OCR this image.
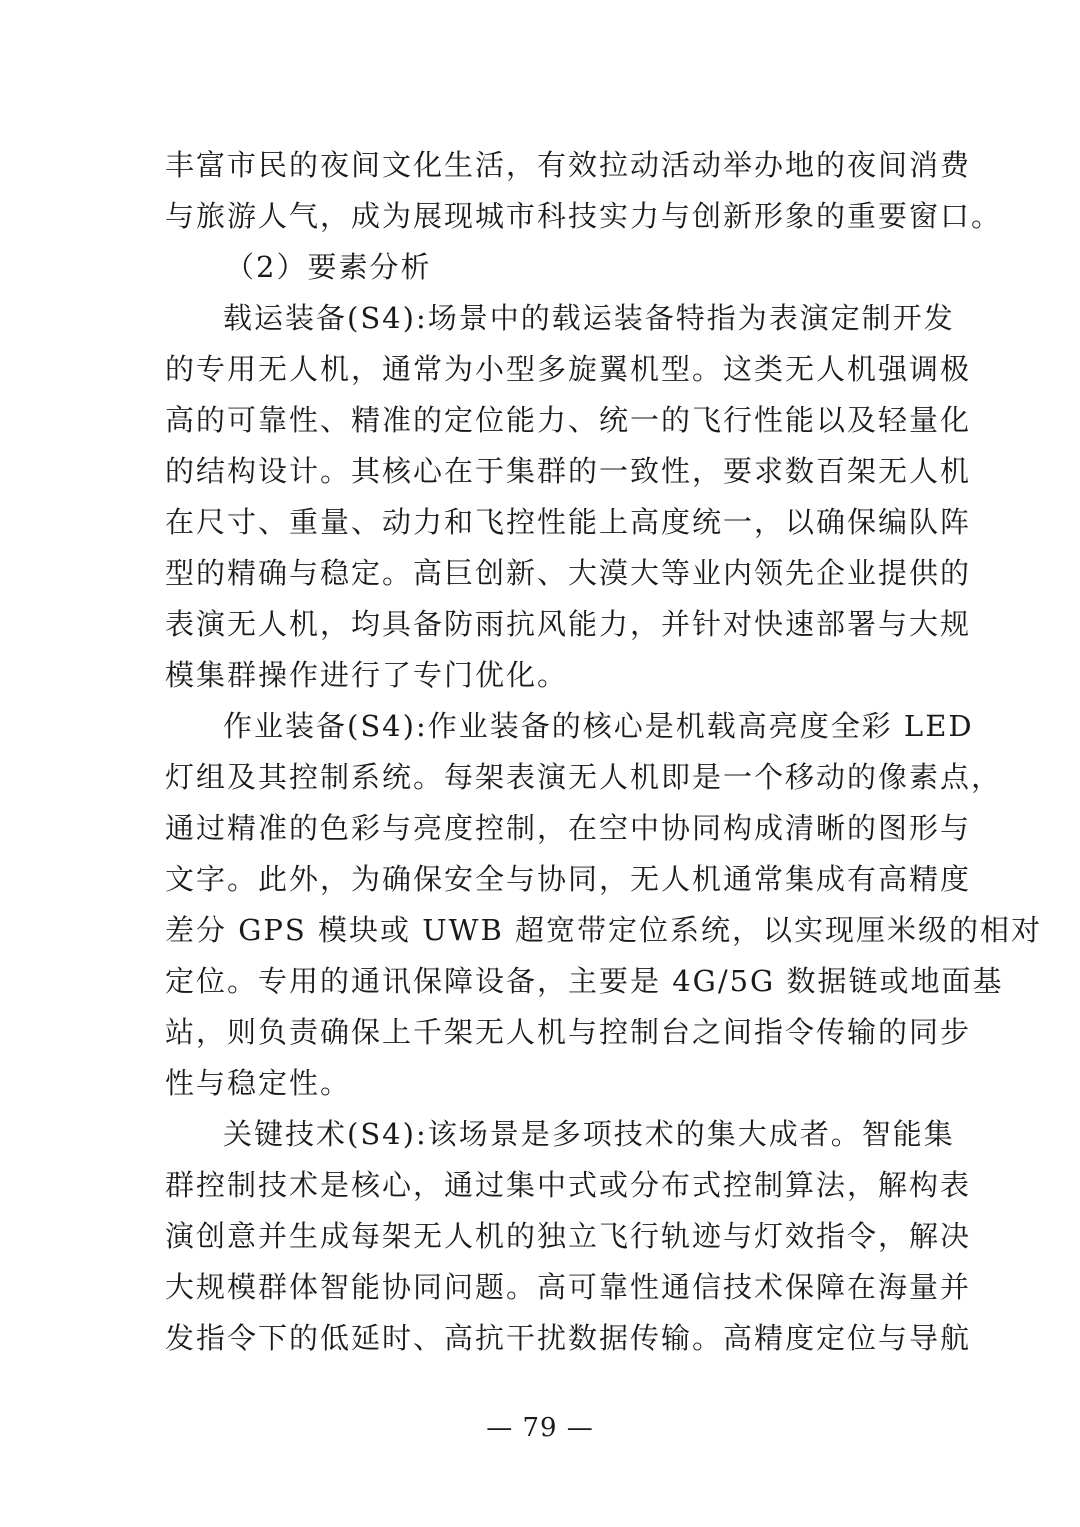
丰富市民的夜间文化生活，有效拉动活动举办地的夜间消费
与旅游人气，成为展现城市科技实力与创新形象的重要窗口。
（2）要素分析
载运装备(S4):场景中的载运装备特指为表演定制开发
的专用无人机，通常为小型多旋翼机型。这类无人机强调极
高的可靠性、精准的定位能力、统一的飞行性能以及轻量化
的结构设计。其核心在于集群的一致性，要求数百架无人机
在尺寸、重量、动力和飞控性能上高度统一，以确保编队阵
型的精确与稳定。高巨创新、大漠大等业内领先企业提供的
表演无人机，均具备防雨抗风能力，并针对快速部署与大规
模集群操作进行了专门优化。
作业装备(S4):作业装备的核心是机载高亮度全彩 LED
灯组及其控制系统。每架表演无人机即是一个移动的像素点，
通过精准的色彩与亮度控制，在空中协同构成清晰的图形与
文字。此外，为确保安全与协同，无人机通常集成有高精度
差分 GPS 模块或 UWB 超宽带定位系统，以实现厘米级的相对
定位。专用的通讯保障设备，主要是 4G/5G 数据链或地面基
站，则负责确保上千架无人机与控制台之间指令传输的同步
性与稳定性。
关键技术(S4):该场景是多项技术的集大成者。智能集
群控制技术是核心，通过集中式或分布式控制算法，解构表
演创意并生成每架无人机的独立飞行轨迹与灯效指令，解决
大规模群体智能协同问题。高可靠性通信技术保障在海量并
发指令下的低延时、高抗干扰数据传输。高精度定位与导航
— 79 —
